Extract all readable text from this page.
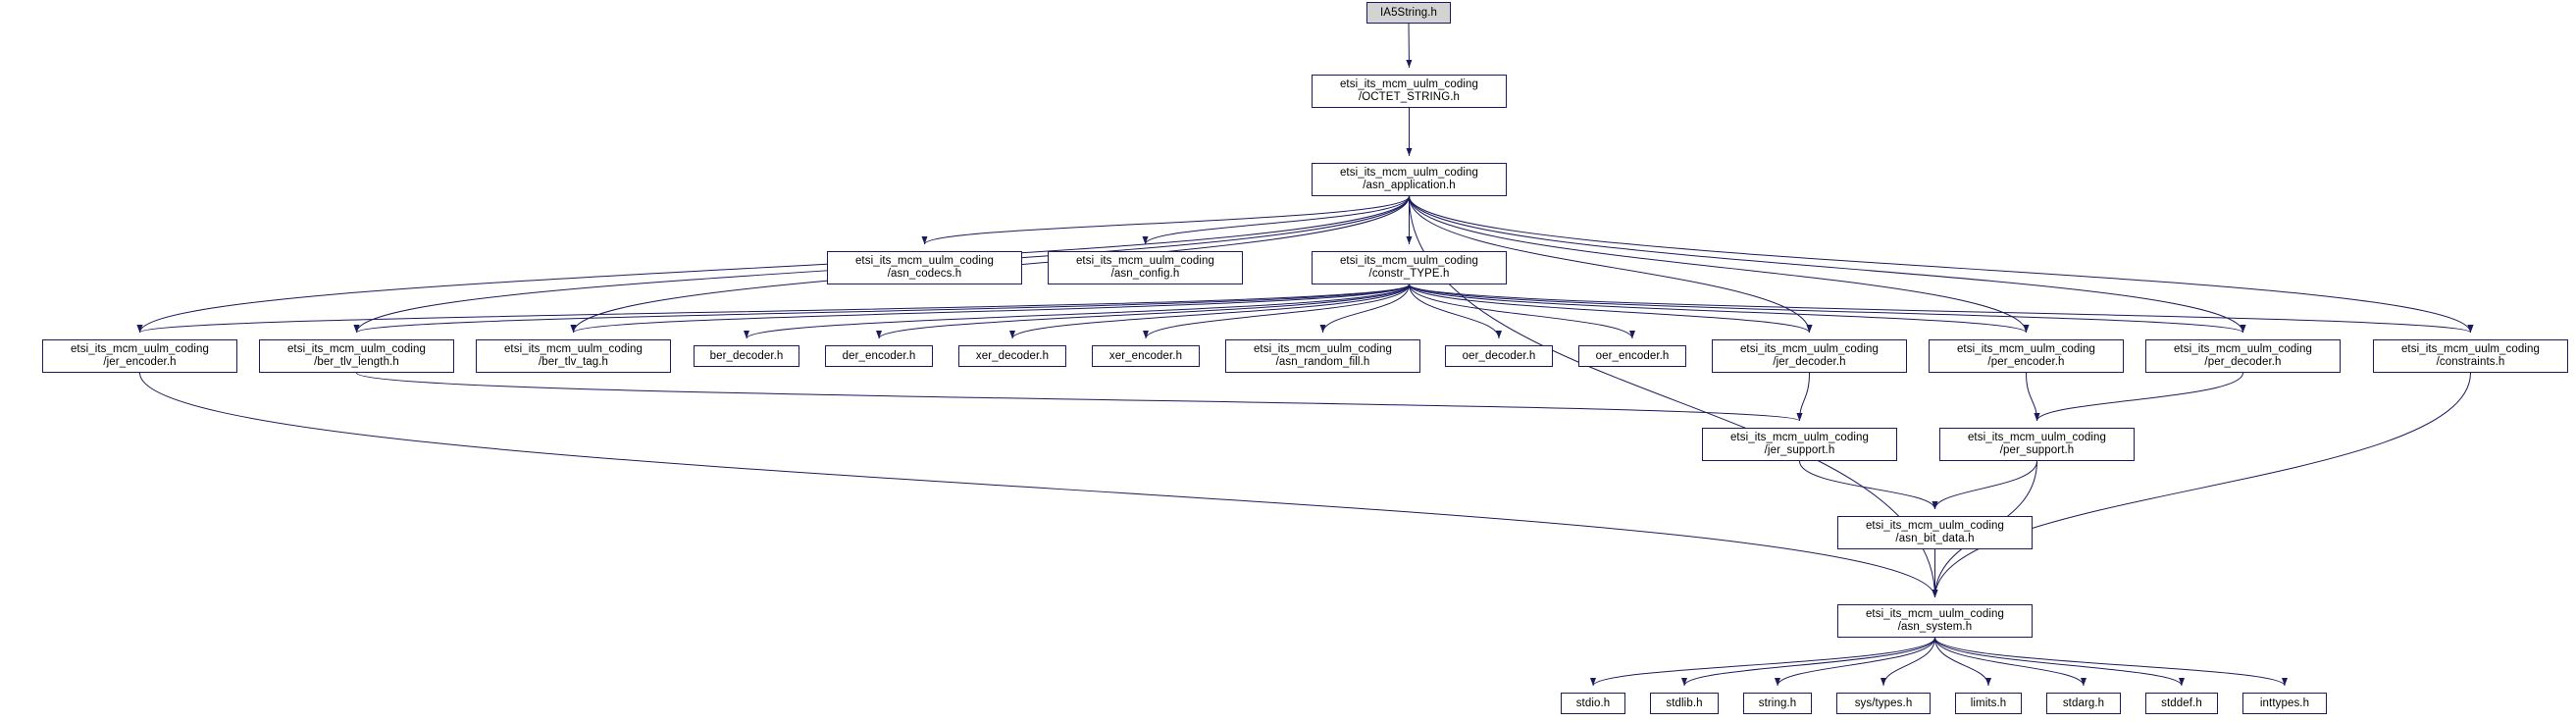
IA5String.h
etsi_its_mcm_uulm_coding
/OCTET_STRING.h
etsi_its_mcm_uulm_coding
/asn_application.h
etsi_its_mcm_uulm_coding
/asn_codecs.h
etsi_its_mcm_uulm_coding
/asn_config.h
etsi_its_mcm_uulm_coding
/constr_TYPE.h
etsi_its_mcm_uulm_coding
/jer_encoder.h
etsi_its_mcm_uulm_coding
/ber_tlv_length.h
etsi_its_mcm_uulm_coding
/ber_tlv_tag.h
ber_decoder.h	der_encoder.h	xer_decoder.h	xer_encoder.h
etsi_its_mcm_uulm_coding
/asn_random_fill.h
oer_decoder.h	oer_encoder.h
etsi_its_mcm_uulm_coding
/jer_decoder.h
etsi_its_mcm_uulm_coding
/per_encoder.h
etsi_its_mcm_uulm_coding
/per_decoder.h
etsi_its_mcm_uulm_coding
/constraints.h
etsi_its_mcm_uulm_coding
/jer_support.h
etsi_its_mcm_uulm_coding
/per_support.h
etsi_its_mcm_uulm_coding
/asn_bit_data.h
etsi_its_mcm_uulm_coding
/asn_system.h
stdio.h	stdlib.h	string.h	sys/types.h	limits.h	stdarg.h	stddef.h	inttypes.h
